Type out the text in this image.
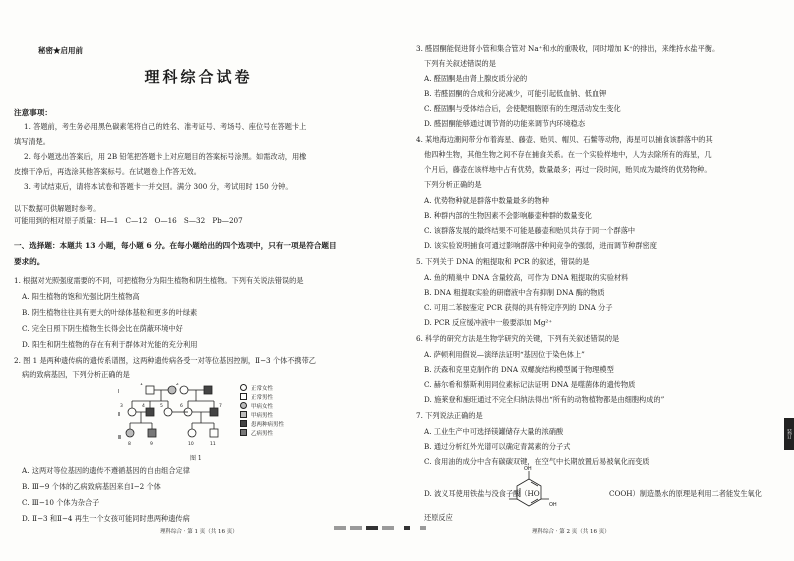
秘密★启用前
理科综合试卷
注意事项：
1. 答题前，考生务必用黑色碳素笔将自己的姓名、准考证号、考场号、座位号在答题卡上
填写清楚。
2. 每小题选出答案后，用 2B 铅笔把答题卡上对应题目的答案标号涂黑。如需改动，用橡
皮擦干净后，再选涂其他答案标号。在试题卷上作答无效。
3. 考试结束后，请将本试卷和答题卡一并交回。满分 300 分，考试用时 150 分钟。
以下数据可供解题时参考。
可能用到的相对原子质量：H—1　C—12　O—16　S—32　Pb—207
一、选择题：本题共 13 小题，每小题 6 分。在每小题给出的四个选项中，只有一项是符合题目
要求的。
1. 根据对光照强度需要的不同，可把植物分为阳生植物和阴生植物。下列有关说法错误的是
A. 阳生植物的饱和光强比阴生植物高
B. 阴生植物往往具有更大的叶绿体基粒和更多的叶绿素
C. 完全日照下阴生植物生长得会比在荫蔽环境中好
D. 阳生和阴生植物的存在有利于群体对光能的充分利用
2. 图 1 是两种遗传病的遗传系谱图，这两种遗传病各受一对等位基因控制，Ⅱ−3 个体不携带乙
病的致病基因，下列分析正确的是
Ⅰ
Ⅱ
Ⅲ
3	4	5	6	7
8	9	10	11
1	2
正常女性
正常男性
甲病女性
甲病男性
患两种病男性
乙病男性
图 1
A. 这两对等位基因的遗传不遵循基因的自由组合定律
B. Ⅲ−9 个体的乙病致病基因来自Ⅰ−2 个体
C. Ⅲ−10 个体为杂合子
D. Ⅱ−3 和Ⅱ−4 再生一个女孩可能同时患两种遗传病
理科综合 · 第 1 页（共 16 页）
3. 醛固酮能促进肾小管和集合管对 Na⁺和水的重吸收，同时增加 K⁺的排出，来维持水盐平衡。
下列有关叙述错误的是
A. 醛固酮是由肾上腺皮质分泌的
B. 若醛固酮的合成和分泌减少，可能引起低血钠、低血钾
C. 醛固酮与受体结合后，会使靶细胞原有的生理活动发生变化
D. 醛固酮能够通过调节肾的功能来调节内环境稳态
4. 某地海边潮间带分布着海星、藤壶、贻贝、帽贝、石鳖等动物，海星可以捕食该群落中的其
他四种生物，其他生物之间不存在捕食关系。在一个实验样地中，人为去除所有的海星，几
个月后，藤壶在该样地中占有优势，数量最多；再过一段时间，贻贝成为最终的优势物种。
下列分析正确的是
A. 优势物种就是群落中数量最多的物种
B. 种群内部的生物因素不会影响藤壶种群的数量变化
C. 该群落发展的最终结果不可能是藤壶和贻贝共存于同一个群落中
D. 该实验说明捕食可通过影响群落中种间竞争的强弱，进而调节种群密度
5. 下列关于 DNA 的粗提取和 PCR 的叙述，错误的是
A. 鱼的精巢中 DNA 含量较高，可作为 DNA 粗提取的实验材料
B. DNA 粗提取实验的研磨液中含有抑制 DNA 酶的物质
C. 可用二苯胺鉴定 PCR 获得的具有特定序列的 DNA 分子
D. PCR 反应缓冲液中一般要添加 Mg²⁺
6. 科学的研究方法是生物学研究的关键，下列有关叙述错误的是
A. 萨顿利用假说—演绎法证明“基因位于染色体上”
B. 沃森和克里克制作的 DNA 双螺旋结构模型属于物理模型
C. 赫尔希和蔡斯利用同位素标记法证明 DNA 是噬菌体的遗传物质
D. 施莱登和施旺通过不完全归纳法得出“所有的动物植物都是由细胞构成的”
7. 下列说法正确的是
A. 工业生产中可选择镁罐储存大量的浓硝酸
B. 通过分析红外光谱可以确定青蒿素的分子式
C. 食用油的成分中含有碳碳双键，在空气中长期放置后易被氧化而变质
D. 波义耳使用铁盐与没食子酸（HO	COOH）制造墨水的原理是利用二者能发生氧化
还原反应
理科综合 · 第 2 页（共 16 页）
装订
OH
OH
